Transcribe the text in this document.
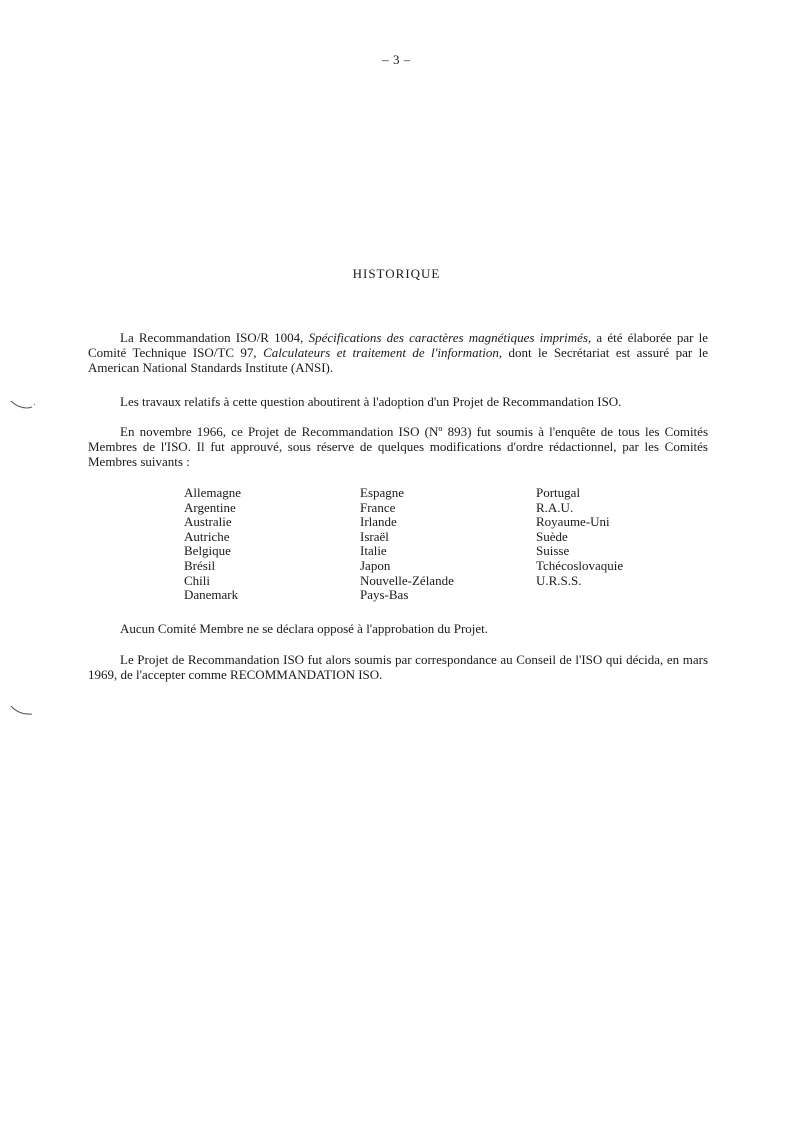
– 3 –
HISTORIQUE

La Recommandation ISO/R 1004, Spécifications des caractères magnétiques imprimés, a été élaborée par le Comité Technique ISO/TC 97, Calculateurs et traitement de l'information, dont le Secrétariat est assuré par le American National Standards Institute (ANSI).

Les travaux relatifs à cette question aboutirent à l'adoption d'un Projet de Recommandation ISO.

En novembre 1966, ce Projet de Recommandation ISO (Nº 893) fut soumis à l'enquête de tous les Comités Membres de l'ISO. Il fut approuvé, sous réserve de quelques modifications d'ordre rédactionnel, par les Comités Membres suivants :

Allemagne
Argentine
Australie
Autriche
Belgique
Brésil
Chili
Danemark
Espagne
France
Irlande
Israël
Italie
Japon
Nouvelle-Zélande
Pays-Bas
Portugal
R.A.U.
Royaume-Uni
Suède
Suisse
Tchécoslovaquie
U.R.S.S.

Aucun Comité Membre ne se déclara opposé à l'approbation du Projet.

Le Projet de Recommandation ISO fut alors soumis par correspondance au Conseil de l'ISO qui décida, en mars 1969, de l'accepter comme RECOMMANDATION ISO.
